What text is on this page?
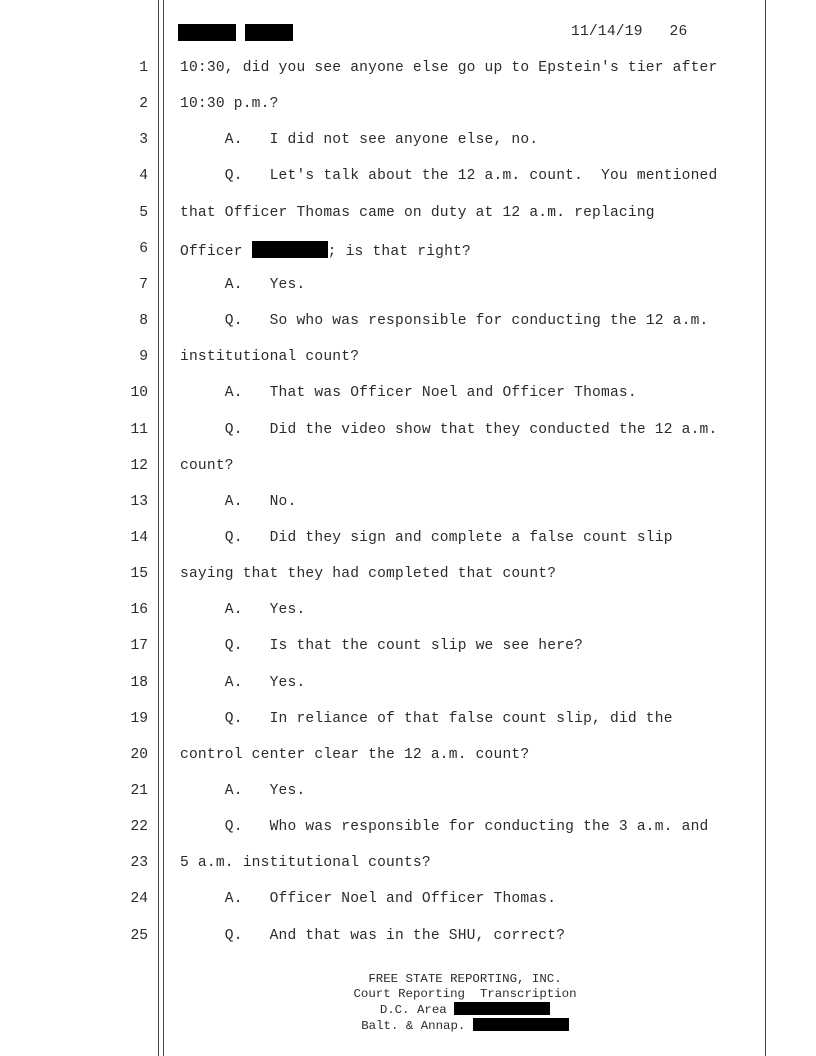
11/14/19   26
1 10:30, did you see anyone else go up to Epstein's tier after
2 10:30 p.m.?
3 A.   I did not see anyone else, no.
4 Q.   Let's talk about the 12 a.m. count.  You mentioned
5 that Officer Thomas came on duty at 12 a.m. replacing
6 Officer	; is that right?
7 A.   Yes.
8 Q.   So who was responsible for conducting the 12 a.m.
9 institutional count?
10 A.   That was Officer Noel and Officer Thomas.
11 Q.   Did the video show that they conducted the 12 a.m.
12 count?
13 A.   No.
14 Q.   Did they sign and complete a false count slip
15 saying that they had completed that count?
16 A.   Yes.
17 Q.   Is that the count slip we see here?
18 A.   Yes.
19 Q.   In reliance of that false count slip, did the
20 control center clear the 12 a.m. count?
21 A.   Yes.
22 Q.   Who was responsible for conducting the 3 a.m. and
23 5 a.m. institutional counts?
24 A.   Officer Noel and Officer Thomas.
25 Q.   And that was in the SHU, correct?
FREE STATE REPORTING, INC.
Court Reporting  Transcription
D.C. Area
Balt. & Annap.
